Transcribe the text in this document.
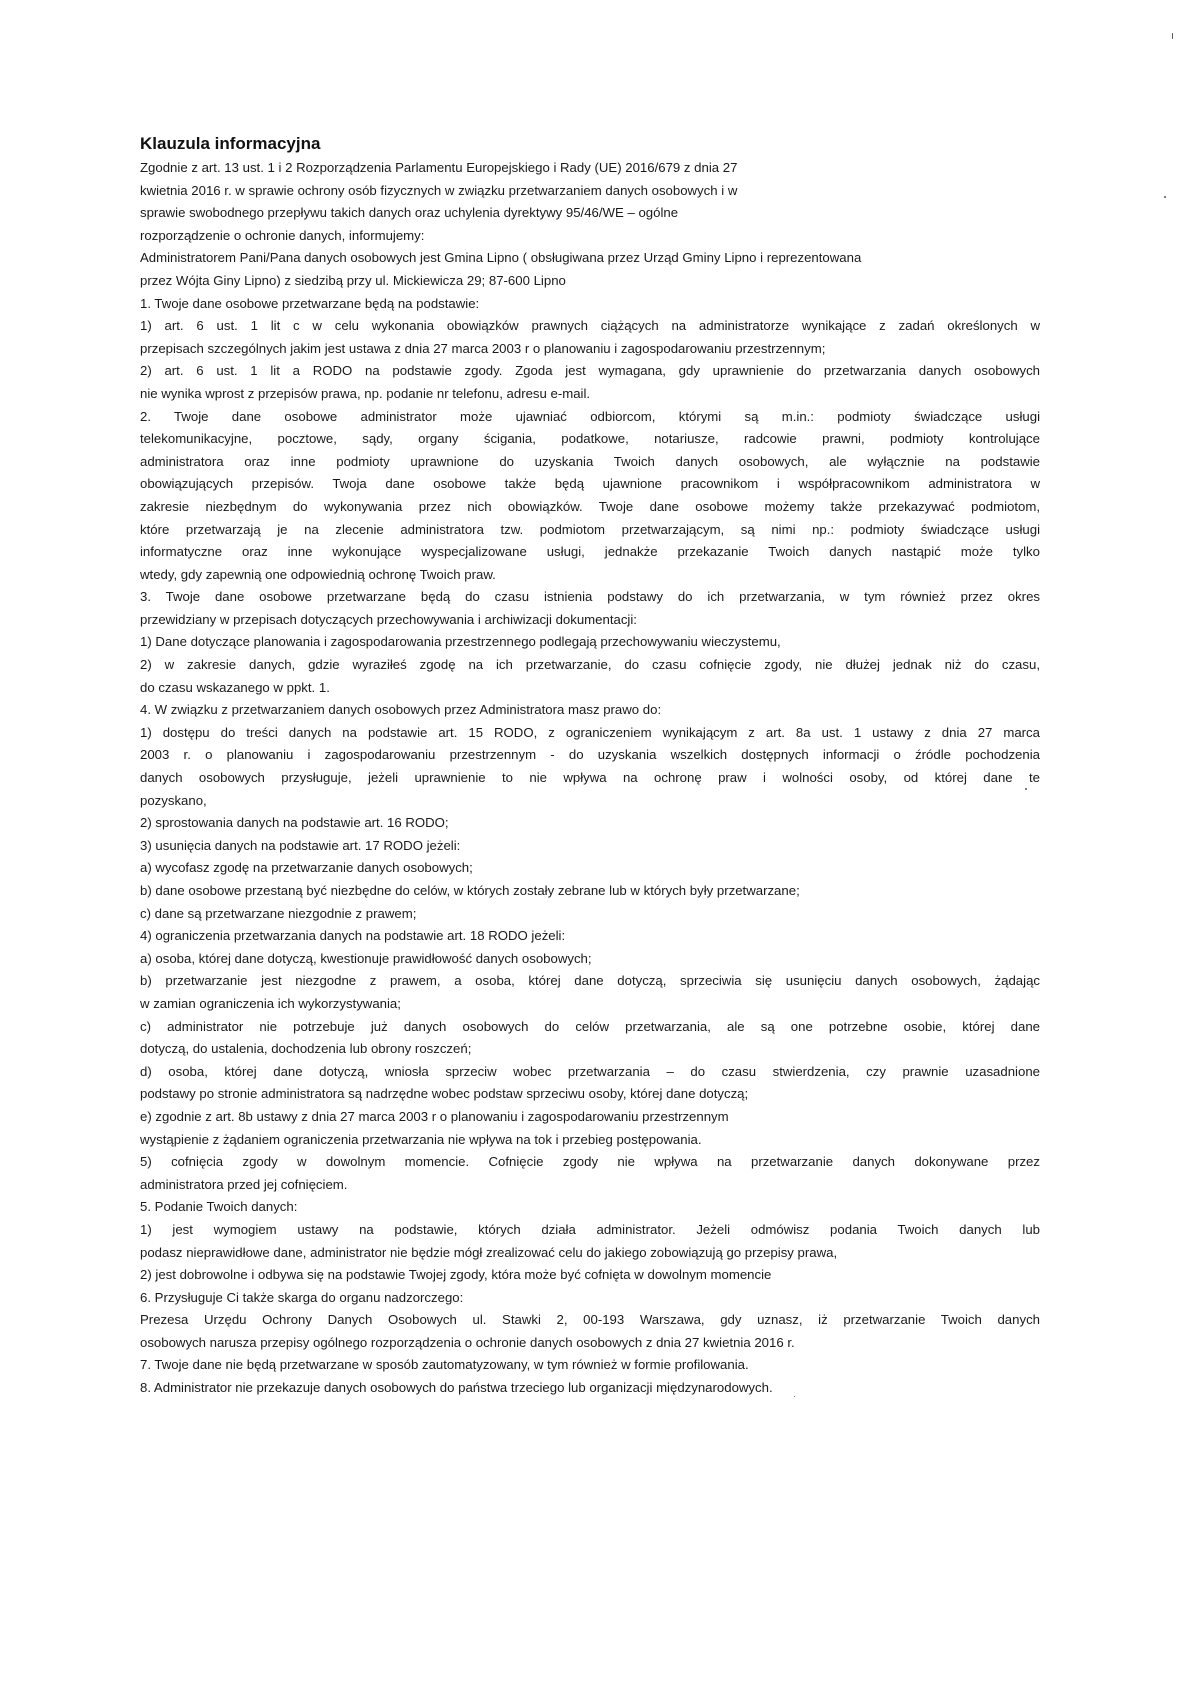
Klauzula informacyjna
Zgodnie z art. 13 ust. 1 i 2 Rozporządzenia Parlamentu Europejskiego i Rady (UE) 2016/679 z dnia 27
kwietnia 2016 r. w sprawie ochrony osób fizycznych w związku przetwarzaniem danych osobowych i w
sprawie swobodnego przepływu takich danych oraz uchylenia dyrektywy 95/46/WE – ogólne
rozporządzenie o ochronie danych, informujemy:
Administratorem Pani/Pana danych osobowych jest Gmina Lipno ( obsługiwana przez Urząd Gminy Lipno i reprezentowana
przez Wójta Giny Lipno) z siedzibą przy ul. Mickiewicza 29; 87-600 Lipno
1. Twoje dane osobowe przetwarzane będą na podstawie:
1) art. 6 ust. 1 lit c w celu wykonania obowiązków prawnych ciążących na administratorze wynikające z zadań określonych w
przepisach szczególnych jakim jest ustawa z dnia 27 marca 2003 r o planowaniu i zagospodarowaniu przestrzennym;
2) art. 6 ust. 1 lit a RODO na podstawie zgody. Zgoda jest wymagana, gdy uprawnienie do przetwarzania danych osobowych
nie wynika wprost z przepisów prawa, np. podanie nr telefonu, adresu e-mail.
2. Twoje dane osobowe administrator może ujawniać odbiorcom, którymi są m.in.: podmioty świadczące usługi
telekomunikacyjne, pocztowe, sądy, organy ścigania, podatkowe, notariusze, radcowie prawni, podmioty kontrolujące
administratora oraz inne podmioty uprawnione do uzyskania Twoich danych osobowych, ale wyłącznie na podstawie
obowiązujących przepisów. Twoja dane osobowe także będą ujawnione pracownikom i współpracownikom administratora w
zakresie niezbędnym do wykonywania przez nich obowiązków. Twoje dane osobowe możemy także przekazywać podmiotom,
które przetwarzają je na zlecenie administratora tzw. podmiotom przetwarzającym, są nimi np.: podmioty świadczące usługi
informatyczne oraz inne wykonujące wyspecjalizowane usługi, jednakże przekazanie Twoich danych nastąpić może tylko
wtedy, gdy zapewnią one odpowiednią ochronę Twoich praw.
3. Twoje dane osobowe przetwarzane będą do czasu istnienia podstawy do ich przetwarzania, w tym również przez okres
przewidziany w przepisach dotyczących przechowywania i archiwizacji dokumentacji:
1) Dane dotyczące planowania i zagospodarowania przestrzennego podlegają przechowywaniu wieczystemu,
2) w zakresie danych, gdzie wyraziłeś zgodę na ich przetwarzanie, do czasu cofnięcie zgody, nie dłużej jednak niż do czasu,
do czasu wskazanego w ppkt. 1.
4. W związku z przetwarzaniem danych osobowych przez Administratora masz prawo do:
1) dostępu do treści danych na podstawie art. 15 RODO, z ograniczeniem wynikającym z art. 8a ust. 1 ustawy z dnia 27 marca
2003 r. o planowaniu i zagospodarowaniu przestrzennym - do uzyskania wszelkich dostępnych informacji o źródle pochodzenia
danych osobowych przysługuje, jeżeli uprawnienie to nie wpływa na ochronę praw i wolności osoby, od której dane te
pozyskano,
2) sprostowania danych na podstawie art. 16 RODO;
3) usunięcia danych na podstawie art. 17 RODO jeżeli:
a) wycofasz zgodę na przetwarzanie danych osobowych;
b) dane osobowe przestaną być niezbędne do celów, w których zostały zebrane lub w których były przetwarzane;
c) dane są przetwarzane niezgodnie z prawem;
4) ograniczenia przetwarzania danych na podstawie art. 18 RODO jeżeli:
a) osoba, której dane dotyczą, kwestionuje prawidłowość danych osobowych;
b) przetwarzanie jest niezgodne z prawem, a osoba, której dane dotyczą, sprzeciwia się usunięciu danych osobowych, żądając
w zamian ograniczenia ich wykorzystywania;
c) administrator nie potrzebuje już danych osobowych do celów przetwarzania, ale są one potrzebne osobie, której dane
dotyczą, do ustalenia, dochodzenia lub obrony roszczeń;
d) osoba, której dane dotyczą, wniosła sprzeciw wobec przetwarzania – do czasu stwierdzenia, czy prawnie uzasadnione
podstawy po stronie administratora są nadrzędne wobec podstaw sprzeciwu osoby, której dane dotyczą;
e) zgodnie z art. 8b ustawy z dnia 27 marca 2003 r o planowaniu i zagospodarowaniu przestrzennym
wystąpienie z żądaniem ograniczenia przetwarzania nie wpływa na tok i przebieg postępowania.
5) cofnięcia zgody w dowolnym momencie. Cofnięcie zgody nie wpływa na przetwarzanie danych dokonywane przez
administratora przed jej cofnięciem.
5. Podanie Twoich danych:
1) jest wymogiem ustawy na podstawie, których działa administrator. Jeżeli odmówisz podania Twoich danych lub
podasz nieprawidłowe dane, administrator nie będzie mógł zrealizować celu do jakiego zobowiązują go przepisy prawa,
2) jest dobrowolne i odbywa się na podstawie Twojej zgody, która może być cofnięta w dowolnym momencie
6. Przysługuje Ci także skarga do organu nadzorczego:
Prezesa Urzędu Ochrony Danych Osobowych ul. Stawki 2, 00-193 Warszawa, gdy uznasz, iż przetwarzanie Twoich danych
osobowych narusza przepisy ogólnego rozporządzenia o ochronie danych osobowych z dnia 27 kwietnia 2016 r.
7. Twoje dane nie będą przetwarzane w sposób zautomatyzowany, w tym również w formie profilowania.
8. Administrator nie przekazuje danych osobowych do państwa trzeciego lub organizacji międzynarodowych.
